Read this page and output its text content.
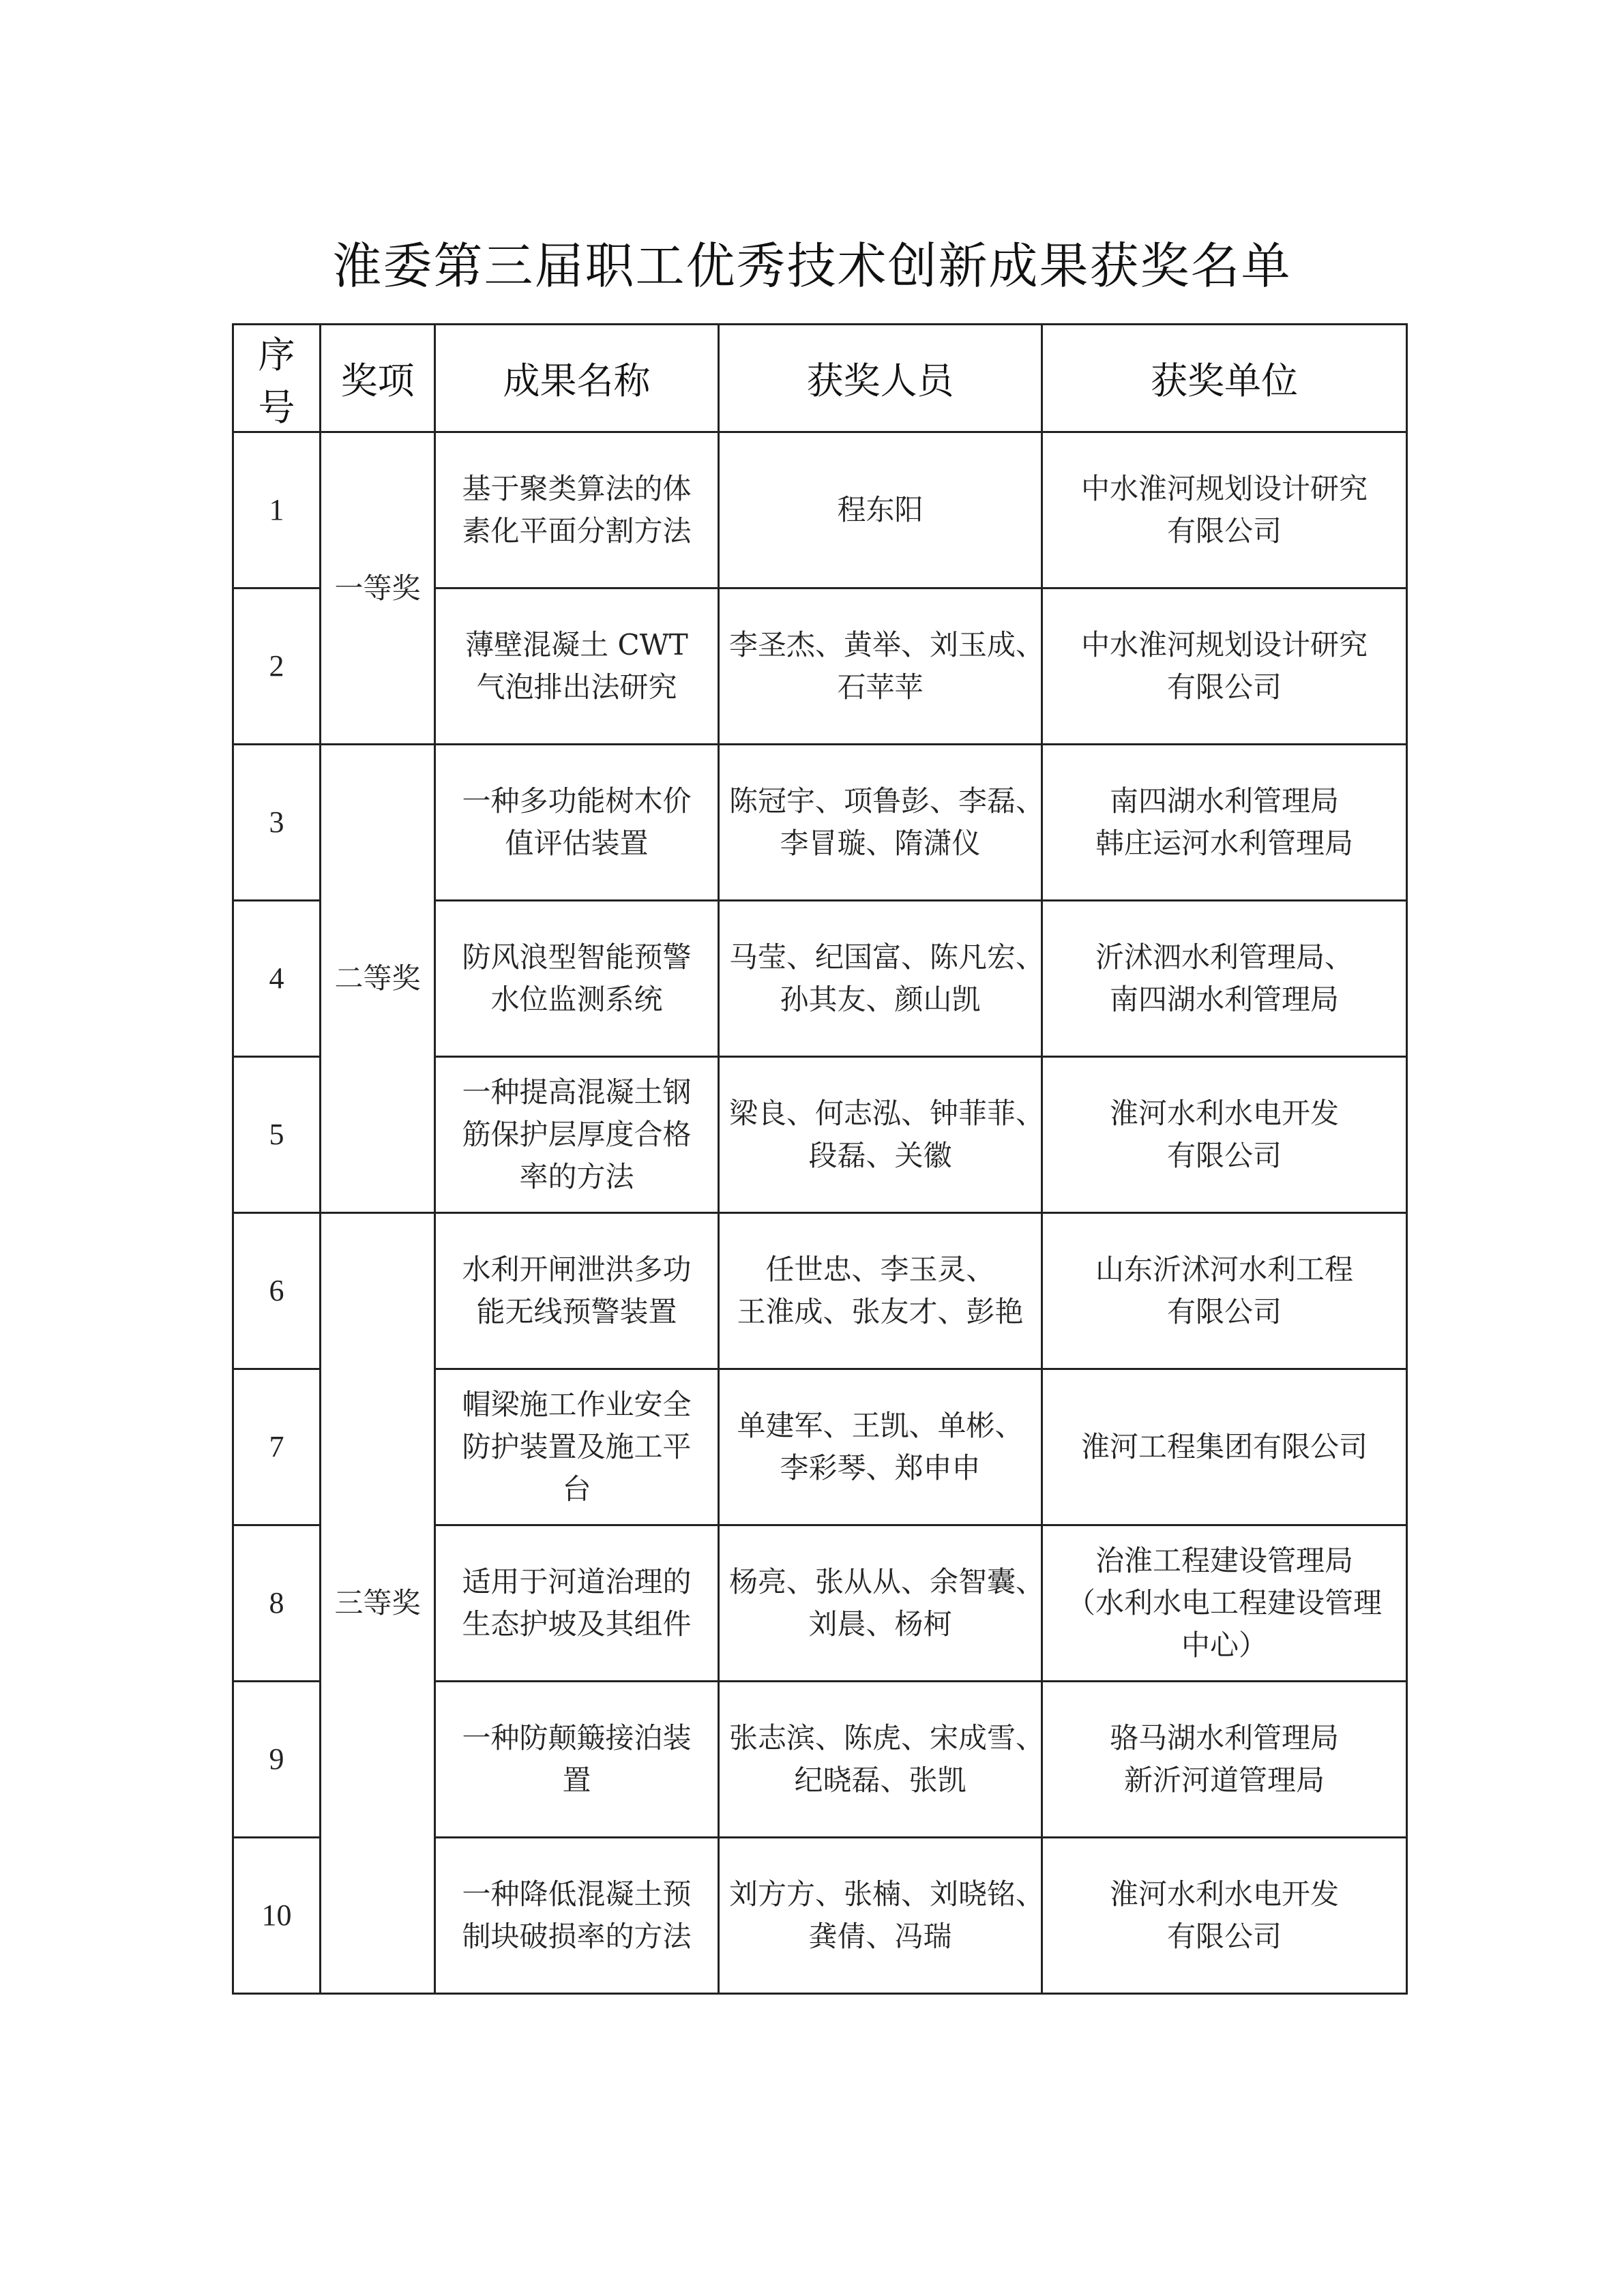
淮委第三届职工优秀技术创新成果获奖名单
序号	奖项	成果名称	获奖人员	获奖单位
1	一等奖	基于聚类算法的体
素化平面分割方法	程东阳	中水淮河规划设计研究
有限公司

2		薄壁混凝土 CWT
气泡排出法研究	李圣杰、黄举、刘玉成、
石苹苹	中水淮河规划设计研究
有限公司

3	二等奖	一种多功能树木价
值评估装置	陈冠宇、项鲁彭、李磊、
李冒璇、隋潇仪	南四湖水利管理局
韩庄运河水利管理局

4		防风浪型智能预警
水位监测系统	马莹、纪国富、陈凡宏、
孙其友、颜山凯	沂沭泗水利管理局、
南四湖水利管理局

5		一种提高混凝土钢
筋保护层厚度合格
率的方法	梁良、何志泓、钟菲菲、
段磊、关徽	淮河水利水电开发
有限公司

6	三等奖	水利开闸泄洪多功
能无线预警装置	任世忠、李玉灵、
王淮成、张友才、彭艳	山东沂沭河水利工程
有限公司

7		帽梁施工作业安全
防护装置及施工平
台	单建军、王凯、单彬、
李彩琴、郑申申	淮河工程集团有限公司

8		适用于河道治理的
生态护坡及其组件	杨亮、张从从、余智囊、
刘晨、杨柯	治淮工程建设管理局
（水利水电工程建设管理
中心）

9		一种防颠簸接泊装
置	张志滨、陈虎、宋成雪、
纪晓磊、张凯	骆马湖水利管理局
新沂河道管理局

10		一种降低混凝土预
制块破损率的方法	刘方方、张楠、刘晓铭、
龚倩、冯瑞	淮河水利水电开发
有限公司
